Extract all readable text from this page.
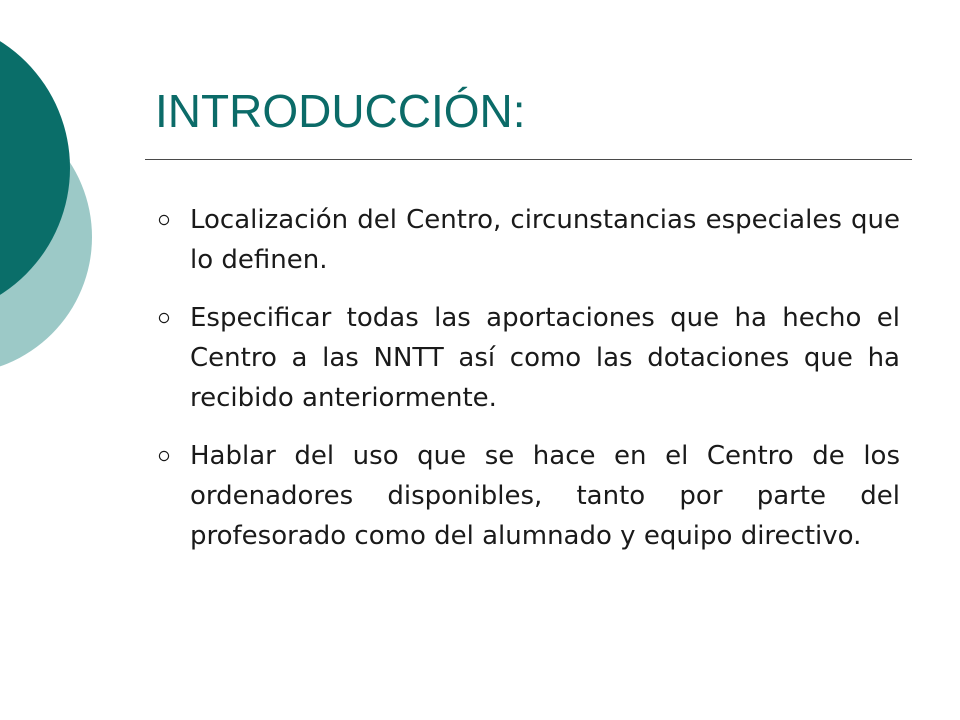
INTRODUCCIÓN:
Localización del Centro, circunstancias especiales que lo definen.
Especificar todas las aportaciones que ha hecho el Centro a las NNTT así como las dotaciones que ha recibido anteriormente.
Hablar del uso que se hace en el Centro de los ordenadores disponibles, tanto por parte del profesorado como del alumnado y equipo directivo.
